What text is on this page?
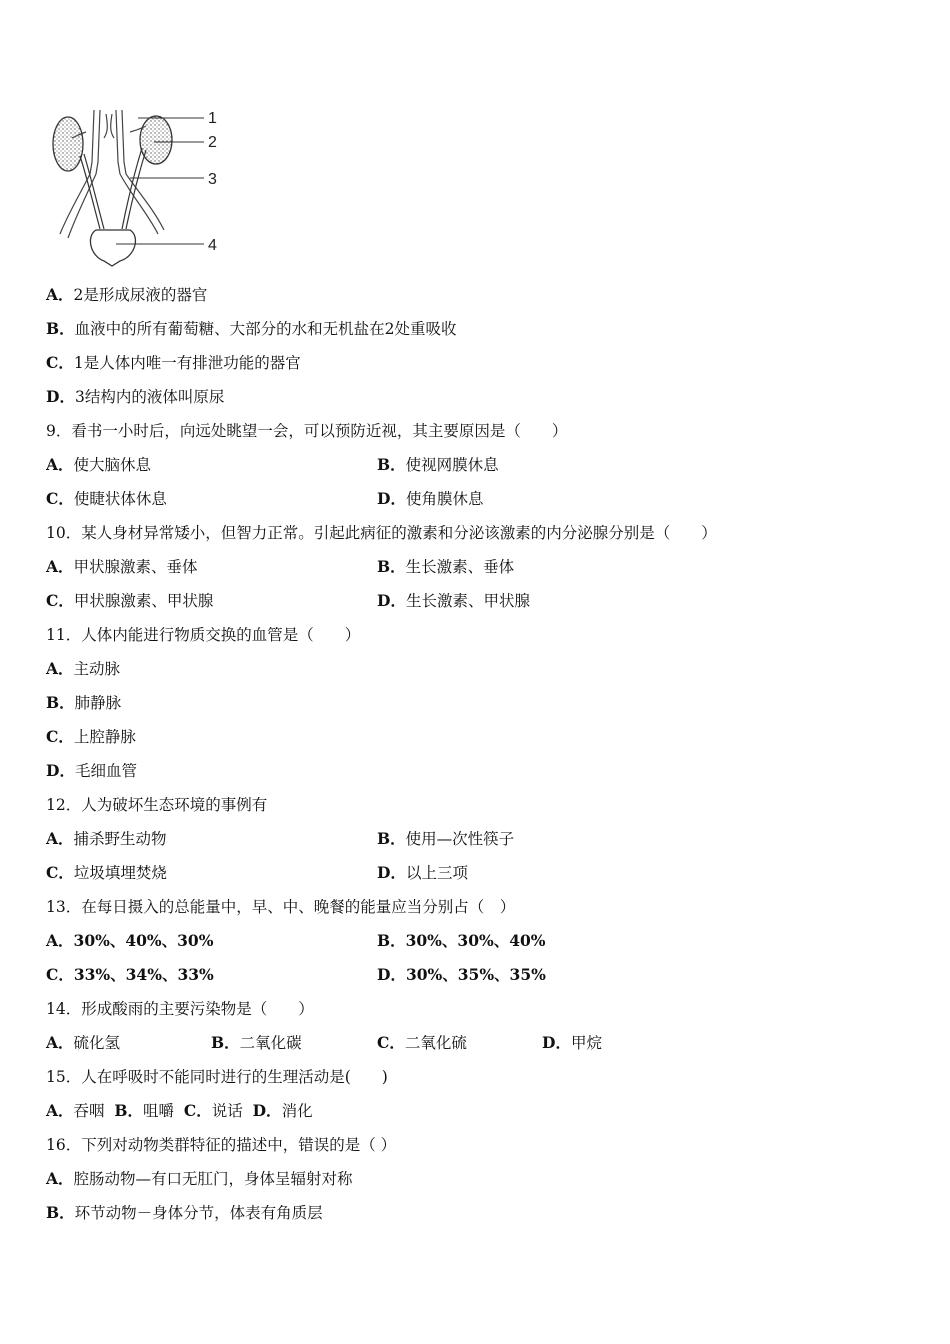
1
2
3
4
A．2是形成尿液的器官
B．血液中的所有葡萄糖、大部分的水和无机盐在2处重吸收
C．1是人体内唯一有排泄功能的器官
D．3结构内的液体叫原尿
9．看书一小时后，向远处眺望一会，可以预防近视，其主要原因是（　　）
A．使大脑休息	B．使视网膜休息
C．使睫状体休息	D．使角膜休息
10．某人身材异常矮小，但智力正常。引起此病征的激素和分泌该激素的内分泌腺分别是（　　）
A．甲状腺激素、垂体	B．生长激素、垂体
C．甲状腺激素、甲状腺	D．生长激素、甲状腺
11．人体内能进行物质交换的血管是（　　）
A．主动脉
B．肺静脉
C．上腔静脉
D．毛细血管
12．人为破坏生态环境的事例有
A．捕杀野生动物	B．使用—次性筷子
C．垃圾填埋焚烧	D．以上三项
13．在每日摄入的总能量中，早、中、晚餐的能量应当分别占（　）
A．30%、40%、30%	B．30%、30%、40%
C．33%、34%、33%	D．30%、35%、35%
14．形成酸雨的主要污染物是（　　）
A．硫化氢	B．二氧化碳	C．二氧化硫	D．甲烷
15．人在呼吸时不能同时进行的生理活动是(　　)
A．吞咽 B．咀嚼 C．说话 D．消化
16．下列对动物类群特征的描述中，错误的是（ ）
A．腔肠动物—有口无肛门，身体呈辐射对称
B．环节动物－身体分节，体表有角质层
